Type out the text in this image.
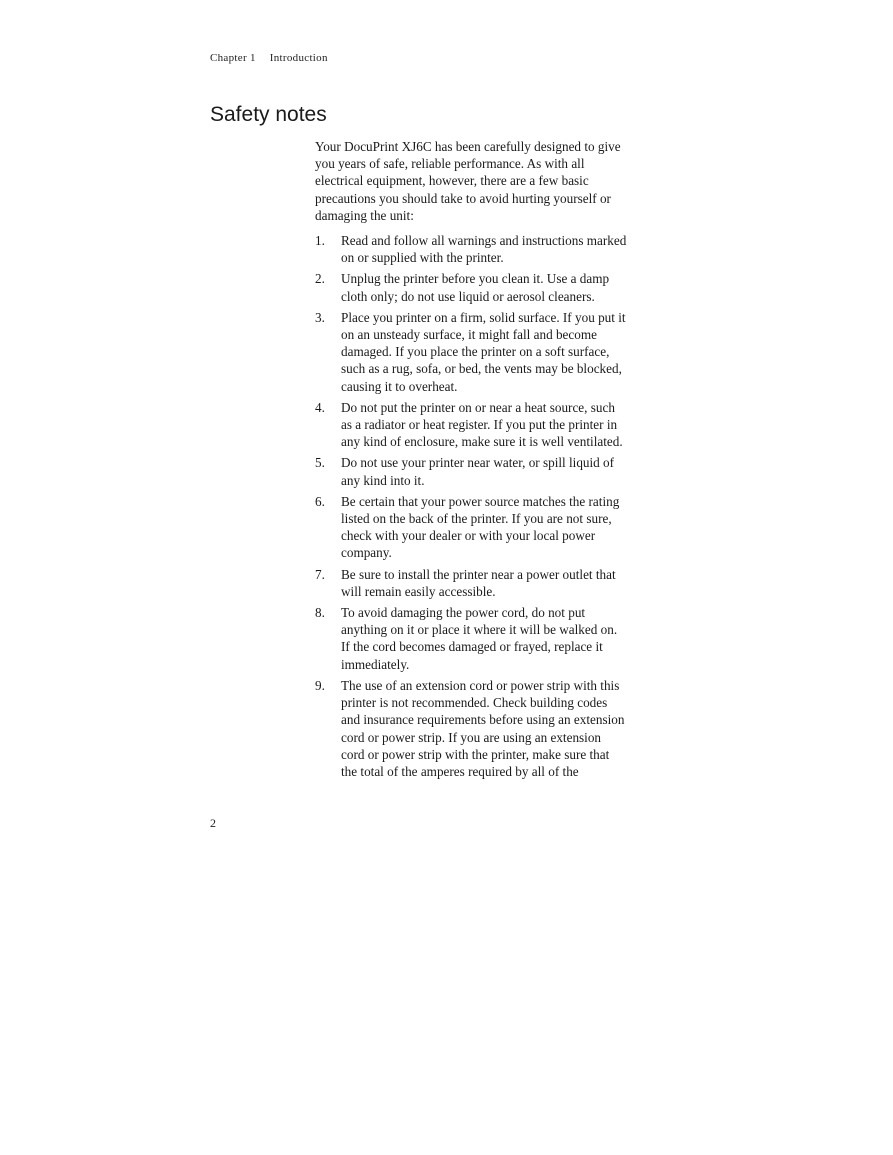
Chapter 1 Introduction
Safety notes

Your DocuPrint XJ6C has been carefully designed to give
you years of safe, reliable performance. As with all
electrical equipment, however, there are a few basic
precautions you should take to avoid hurting yourself or
damaging the unit:

1.	Read and follow all warnings and instructions marked
on or supplied with the printer.
2.	Unplug the printer before you clean it. Use a damp
cloth only; do not use liquid or aerosol cleaners.
3.	Place you printer on a firm, solid surface. If you put it
on an unsteady surface, it might fall and become
damaged. If you place the printer on a soft surface,
such as a rug, sofa, or bed, the vents may be blocked,
causing it to overheat.
4.	Do not put the printer on or near a heat source, such
as a radiator or heat register. If you put the printer in
any kind of enclosure, make sure it is well ventilated.
5.	Do not use your printer near water, or spill liquid of
any kind into it.
6.	Be certain that your power source matches the rating
listed on the back of the printer. If you are not sure,
check with your dealer or with your local power
company.
7.	Be sure to install the printer near a power outlet that
will remain easily accessible.
8.	To avoid damaging the power cord, do not put
anything on it or place it where it will be walked on.
If the cord becomes damaged or frayed, replace it
immediately.
9.	The use of an extension cord or power strip with this
printer is not recommended. Check building codes
and insurance requirements before using an extension
cord or power strip. If you are using an extension
cord or power strip with the printer, make sure that
the total of the amperes required by all of the
2
